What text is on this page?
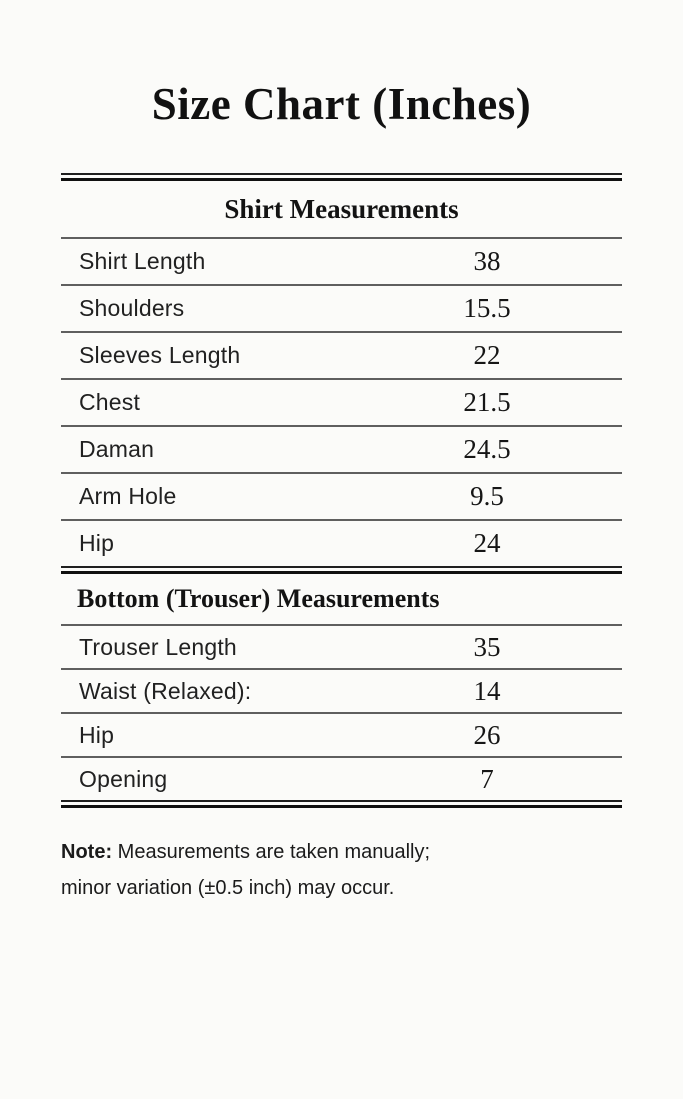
Size Chart (Inches)
Shirt Measurements
Shirt Length	38
Shoulders	15.5
Sleeves Length	22
Chest	21.5
Daman	24.5
Arm Hole	9.5
Hip	24
Bottom (Trouser) Measurements
Trouser Length	35
Waist (Relaxed):	14
Hip	26
Opening	7

Note: Measurements are taken manually;
minor variation (±0.5 inch) may occur.
